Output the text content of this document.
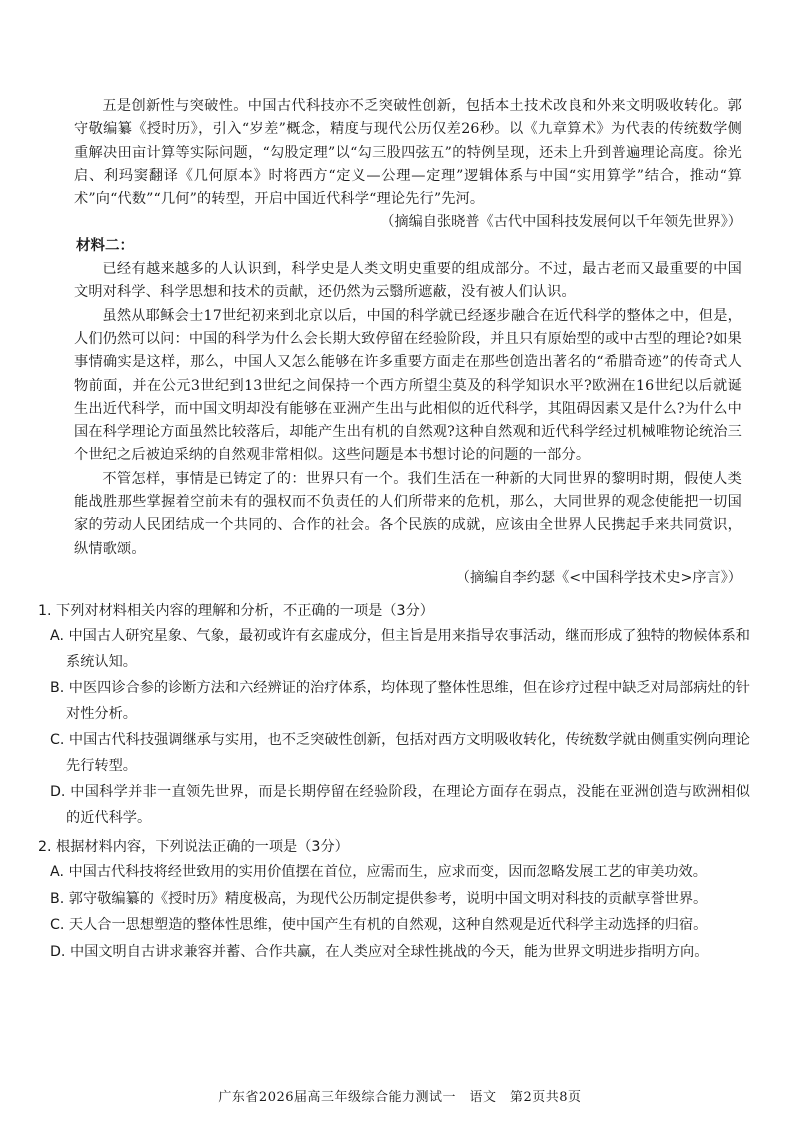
五是创新性与突破性。中国古代科技亦不乏突破性创新，包括本土技术改良和外来文明吸收转化。郭守敬编纂《授时历》，引入“岁差”概念，精度与现代公历仅差26秒。以《九章算术》为代表的传统数学侧重解决田亩计算等实际问题，“勾股定理”以“勾三股四弦五”的特例呈现，还未上升到普遍理论高度。徐光启、利玛窦翻译《几何原本》时将西方“定义—公理—定理”逻辑体系与中国“实用算学”结合，推动“算术”向“代数”“几何”的转型，开启中国近代科学“理论先行”先河。

（摘编自张晓普《古代中国科技发展何以千年领先世界》）

材料二：

已经有越来越多的人认识到，科学史是人类文明史重要的组成部分。不过，最古老而又最重要的中国文明对科学、科学思想和技术的贡献，还仍然为云翳所遮蔽，没有被人们认识。

虽然从耶稣会士17世纪初来到北京以后，中国的科学就已经逐步融合在近代科学的整体之中，但是，人们仍然可以问：中国的科学为什么会长期大致停留在经验阶段，并且只有原始型的或中古型的理论?如果事情确实是这样，那么，中国人又怎么能够在许多重要方面走在那些创造出著名的“希腊奇迹”的传奇式人物前面，并在公元3世纪到13世纪之间保持一个西方所望尘莫及的科学知识水平?欧洲在16世纪以后就诞生出近代科学，而中国文明却没有能够在亚洲产生出与此相似的近代科学，其阻碍因素又是什么?为什么中国在科学理论方面虽然比较落后，却能产生出有机的自然观?这种自然观和近代科学经过机械唯物论统治三个世纪之后被迫采纳的自然观非常相似。这些问题是本书想讨论的问题的一部分。

不管怎样，事情是已铸定了的：世界只有一个。我们生活在一种新的大同世界的黎明时期，假使人类能战胜那些掌握着空前未有的强权而不负责任的人们所带来的危机，那么，大同世界的观念使能把一切国家的劳动人民团结成一个共同的、合作的社会。各个民族的成就，应该由全世界人民携起手来共同赏识，纵情歌颂。

（摘编自李约瑟《<中国科学技术史>序言》）

1. 下列对材料相关内容的理解和分析，不正确的一项是（3分）

A. 中国古人研究星象、气象，最初或许有玄虚成分，但主旨是用来指导农事活动，继而形成了独特的物候体系和系统认知。

B. 中医四诊合参的诊断方法和六经辨证的治疗体系，均体现了整体性思维，但在诊疗过程中缺乏对局部病灶的针对性分析。

C. 中国古代科技强调继承与实用，也不乏突破性创新，包括对西方文明吸收转化，传统数学就由侧重实例向理论先行转型。

D. 中国科学并非一直领先世界，而是长期停留在经验阶段，在理论方面存在弱点，没能在亚洲创造与欧洲相似的近代科学。

2. 根据材料内容，下列说法正确的一项是（3分）

A. 中国古代科技将经世致用的实用价值摆在首位，应需而生，应求而变，因而忽略发展工艺的审美功效。

B. 郭守敬编纂的《授时历》精度极高，为现代公历制定提供参考，说明中国文明对科技的贡献享誉世界。

C. 天人合一思想塑造的整体性思维，使中国产生有机的自然观，这种自然观是近代科学主动选择的归宿。

D. 中国文明自古讲求兼容并蓄、合作共赢，在人类应对全球性挑战的今天，能为世界文明进步指明方向。

广东省2026届高三年级综合能力测试一　语文　第2页共8页
